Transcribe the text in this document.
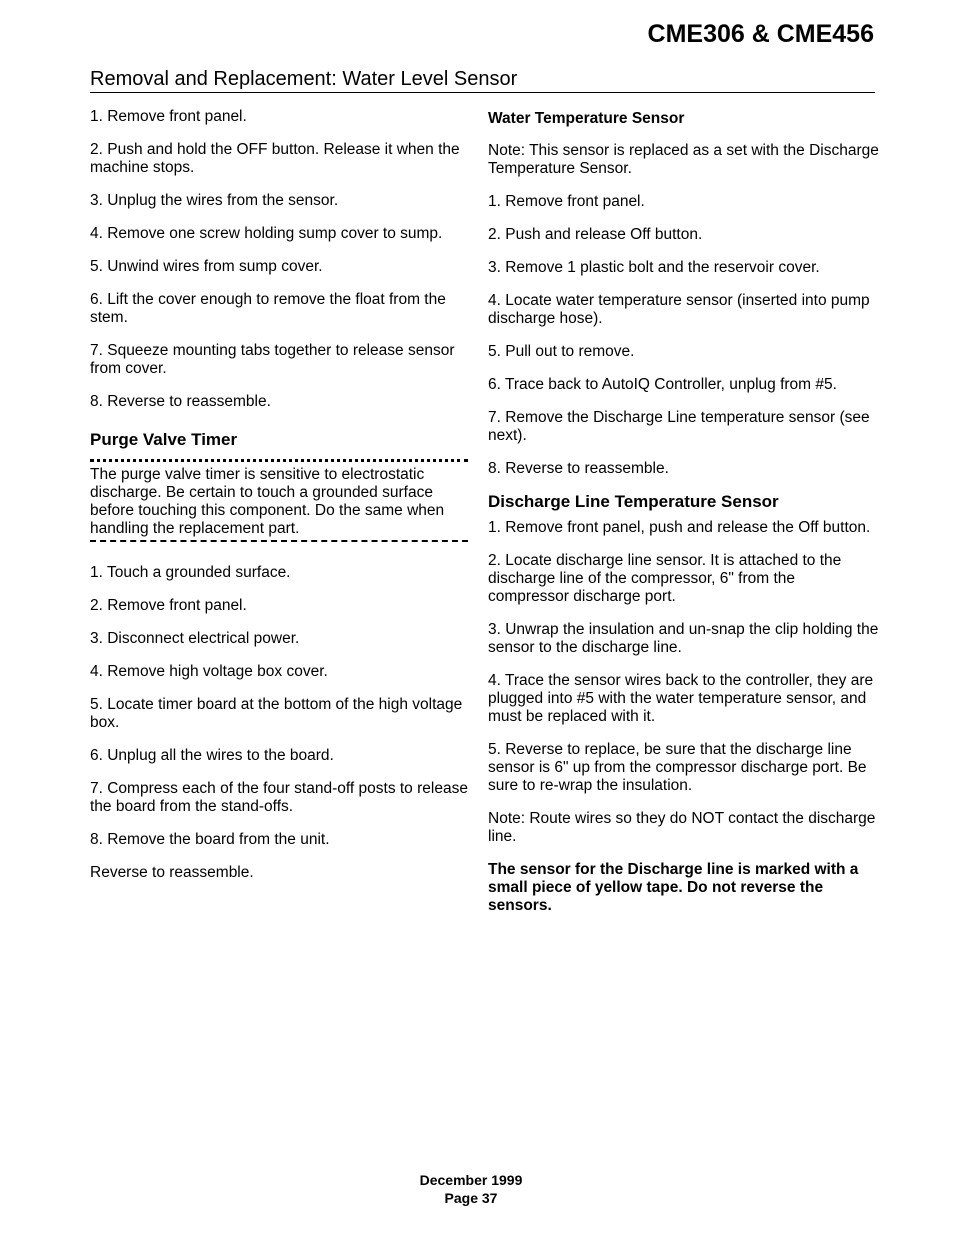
CME306 & CME456
Removal and Replacement: Water Level Sensor

1. Remove front panel.

2. Push and hold the OFF button. Release it when the machine stops.

3. Unplug the wires from the sensor.

4. Remove one screw holding sump cover to sump.

5. Unwind wires from sump cover.

6. Lift the cover enough to remove the float from the stem.

7. Squeeze mounting tabs together to release sensor from cover.

8. Reverse to reassemble.

Purge Valve Timer
The purge valve timer is sensitive to electrostatic discharge. Be certain to touch a grounded surface before touching this component. Do the same when handling the replacement part.

1. Touch a grounded surface.

2. Remove front panel.

3. Disconnect electrical power.

4. Remove high voltage box cover.

5. Locate timer board at the bottom of the high voltage box.

6. Unplug all the wires to the board.

7. Compress each of the four stand-off posts to release the board from the stand-offs.

8. Remove the board from the unit.

Reverse to reassemble.

Water Temperature Sensor

Note: This sensor is replaced as a set with the Discharge Temperature Sensor.

1. Remove front panel.

2. Push and release Off button.

3. Remove 1 plastic bolt and the reservoir cover.

4. Locate water temperature sensor (inserted into pump discharge hose).

5. Pull out to remove.

6. Trace back to AutoIQ Controller, unplug from #5.

7. Remove the Discharge Line temperature sensor (see next).

8. Reverse to reassemble.

Discharge Line Temperature Sensor

1. Remove front panel, push and release the Off button.

2. Locate discharge line sensor. It is attached to the discharge line of the compressor, 6" from the compressor discharge port.

3. Unwrap the insulation and un-snap the clip holding the sensor to the discharge line.

4. Trace the sensor wires back to the controller, they are plugged into #5 with the water temperature sensor, and must be replaced with it.

5. Reverse to replace, be sure that the discharge line sensor is 6" up from the compressor discharge port. Be sure to re-wrap the insulation.

Note: Route wires so they do NOT contact the discharge line.

The sensor for the Discharge line is marked with a small piece of yellow tape. Do not reverse the sensors.

December 1999
Page 37
